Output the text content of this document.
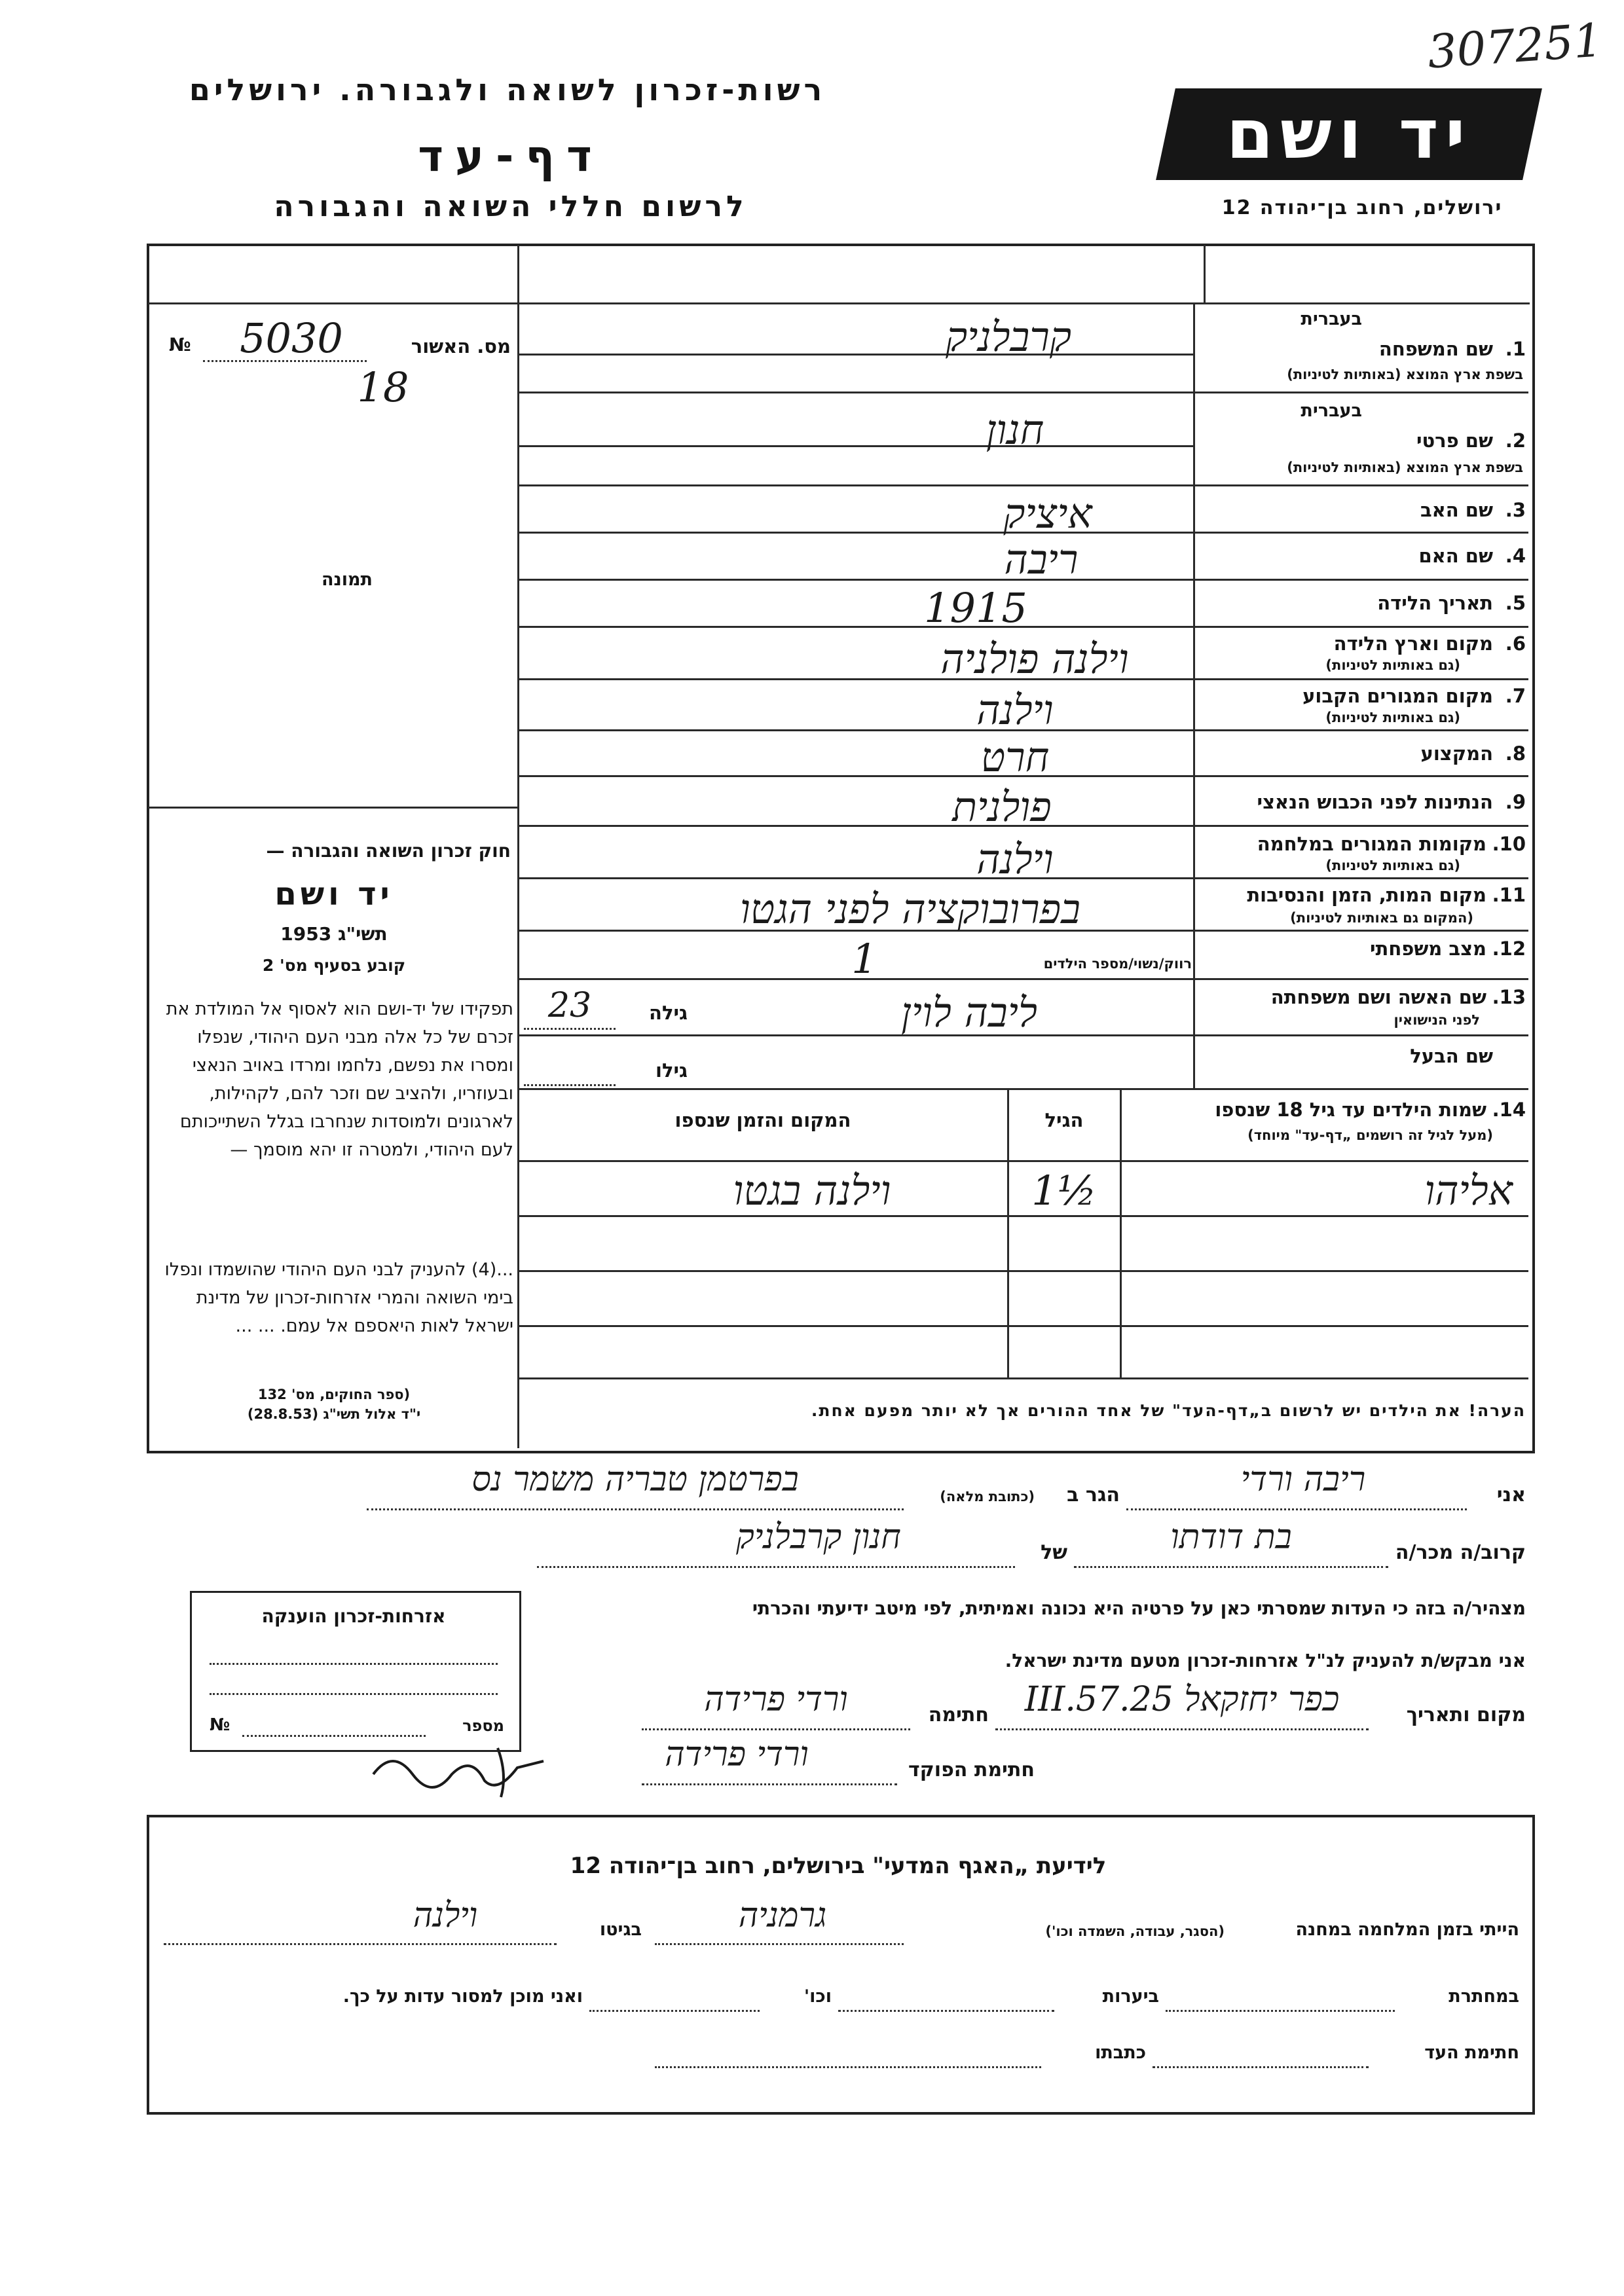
רשות-זכרון לשואה ולגבורה. ירושלים
דף-עד
לרשום חללי השואה והגבורה
307251
יד ושם
ירושלים, רחוב בן־יהודה 12
מס. האשור
№	5030
18
תמונה
חוק זכרון השואה והגבורה —
יד ושם
תשי"ג 1953
קובע בסעיף מס' 2
תפקידו של יד-ושם הוא לאסוף אל המולדת את זכרם של כל אלה מבני העם היהודי, שנפלו ומסרו את נפשם, נלחמו ומרדו באויב הנאצי ובעוזריו, ולהציב שם וזכר להם, לקהילות, לארגונים ולמוסדות שנחרבו בגלל השתייכותם לעם היהודי, ולמטרה זו יהא מוסמך —
...(4) להעניק לבני העם היהודי שהושמדו ונפלו בימי השואה והמרי אזרחות-זכרון של מדינת ישראל לאות היאספם אל עמם. ... ...
(ספר החוקים, מס' 132
י"ד אלול תשי"ג (28.8.53)
בעברית
1.
שם המשפחה
בשפת ארץ המוצא (באותיות לטיניות)
קרבלניק
בעברית
2.
שם פרטי
בשפת ארץ המוצא (באותיות לטיניות)
חנון
3.
שם האב
איציק
4.
שם האם
ריבה
5.
תאריך הלידה
1915
6.
מקום וארץ הלידה
(גם באותיות לטיניות)
וילנה פולניה
7.
מקום המגורים הקבוע
(גם באותיות לטיניות)
וילנה
8.
המקצוע
חרט
9.
הנתינות לפני הכבוש הנאצי
פולנית
10.
מקומות המגורים במלחמה
(גם באותיות לטיניות)
וילנה
11.
מקום המות, הזמן והנסיבות
(המקום גם באותיות לטיניות)
בפרובוקציה לפני הגטו
12.
מצב משפחתי
רווק/נשוי/מספר הילדים
1
13.
שם האשה ושם משפחתה
לפני הנישואין
ליבה לוין
גילה
23
שם הבעל
גילו
14.
שמות הילדים עד גיל 18 שנספו
(מעל לגיל זה רושמים „דף-עד" מיוחד)
הגיל
המקום והזמן שנספו
אליהו
1½
וילנה בגטו
הערה! את הילדים יש לרשום ב„דף-העד" של אחד ההורים אך לא יותר מפעם אחת.
אני
ריבה ורדי
הגר ב
(כתובת מלאה)
בפרטמן טבריה משמר נס
קרוב/ה מכר/ה
בת דודתו
של
חנון קרבלניק
מצהיר/ה בזה כי העדות שמסרתי כאן על פרטיה היא נכונה ואמיתית, לפי מיטב ידיעתי והכרתי
אני מבקש/ת להעניק לנ"ל אזרחות-זכרון מטעם מדינת ישראל.
מקום ותאריך
כפר יחזקאל 25.III.57
חתימה
ורדי פרידה
חתימת הפוקד
ורדי פרידה
אזרחות-זכרון הוענקה
מספר
№
לידיעת „האגף המדעי" בירושלים, רחוב בן־יהודה 12
הייתי בזמן המלחמה במחנה
(הסגר, עבודה, השמדה וכו')
גרמניה
בגיטו
וילנה
במחתרת
ביערות
וכו'
ואני מוכן למסור עדות על כך.
חתימת העד
כתבתו
